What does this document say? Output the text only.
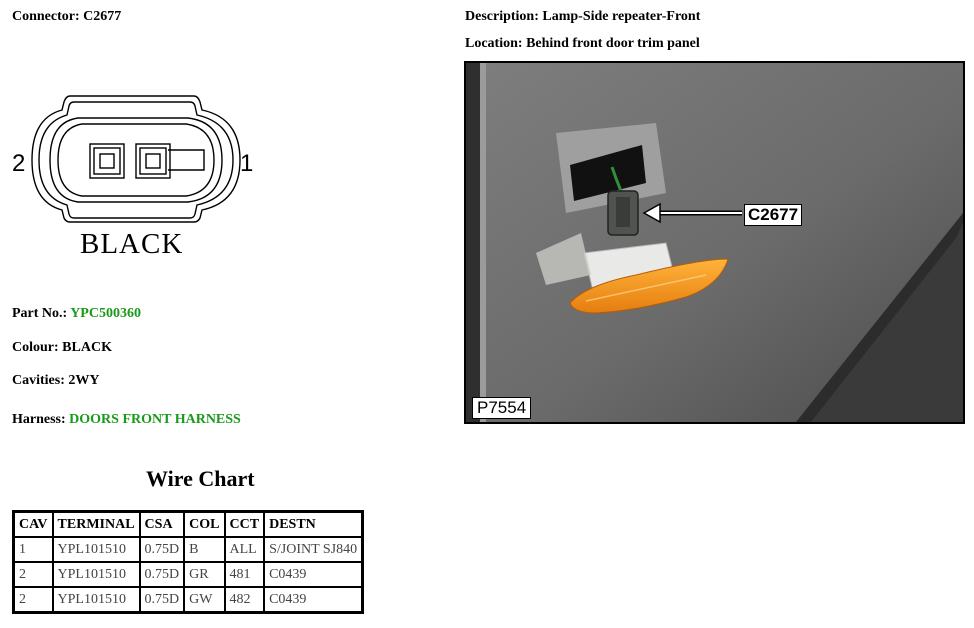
Connector: C2677	Description: Lamp-Side repeater-Front
Location: Behind front door trim panel
2	1
BLACK
Part No.: YPC500360
Colour: BLACK
Cavities: 2WY
Harness: DOORS FRONT HARNESS
Wire Chart
CAV	TERMINAL	CSA	COL	CCT	DESTN
1	YPL101510	0.75D	B	ALL	S/JOINT SJ840
2	YPL101510	0.75D	GR	481	C0439
2	YPL101510	0.75D	GW	482	C0439
C2677
P7554
